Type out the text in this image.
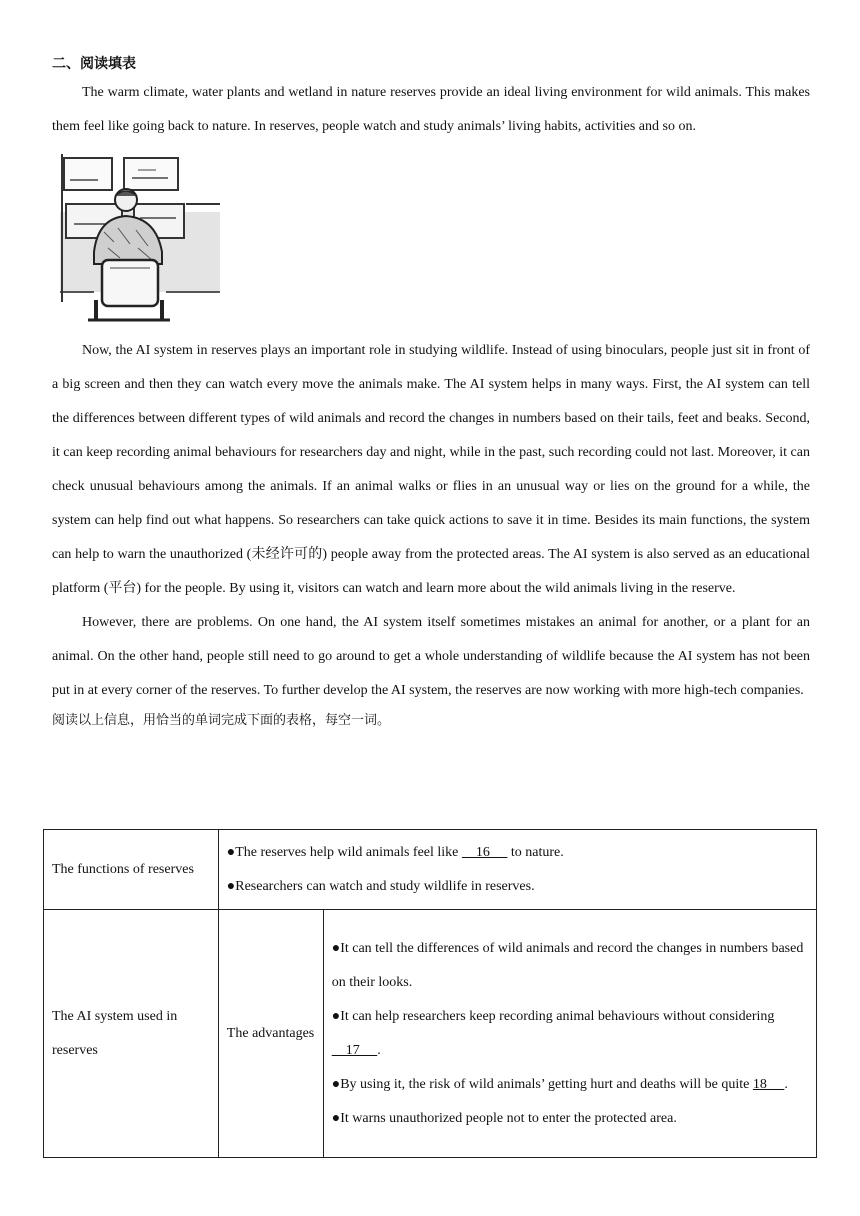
二、阅读填表

The warm climate, water plants and wetland in nature reserves provide an ideal living environment for wild animals. This makes them feel like going back to nature. In reserves, people watch and study animals’ living habits, activities and so on.

Now, the AI system in reserves plays an important role in studying wildlife. Instead of using binoculars, people just sit in front of a big screen and then they can watch every move the animals make. The AI system helps in many ways. First, the AI system can tell the differences between different types of wild animals and record the changes in numbers based on their tails, feet and beaks. Second, it can keep recording animal behaviours for researchers day and night, while in the past, such recording could not last. Moreover, it can check unusual behaviours among the animals. If an animal walks or flies in an unusual way or lies on the ground for a while, the system can help find out what happens. So researchers can take quick actions to save it in time. Besides its main functions, the system can help to warn the unauthorized (未经许可的) people away from the protected areas. The AI system is also served as an educational platform (平台) for the people. By using it, visitors can watch and learn more about the wild animals living in the reserve.

However, there are problems. On one hand, the AI system itself sometimes mistakes an animal for another, or a plant for an animal. On the other hand, people still need to go around to get a whole understanding of wildlife because the AI system has not been put in at every corner of the reserves. To further develop the AI system, the reserves are now working with more high-tech companies.

阅读以上信息，用恰当的单词完成下面的表格，每空一词。
The functions of reserves	●The reserves help wild animals feel like     16      to nature.
●Researchers can watch and study wildlife in reserves.	

The AI system used in reserves	The advantages	●It can tell the differences of wild animals and record the changes in numbers based on their looks.
●It can help researchers keep recording animal behaviours without considering     17     .
●By using it, the risk of wild animals’ getting hurt and deaths will be quite 18     .
●It warns unauthorized people not to enter the protected area.
